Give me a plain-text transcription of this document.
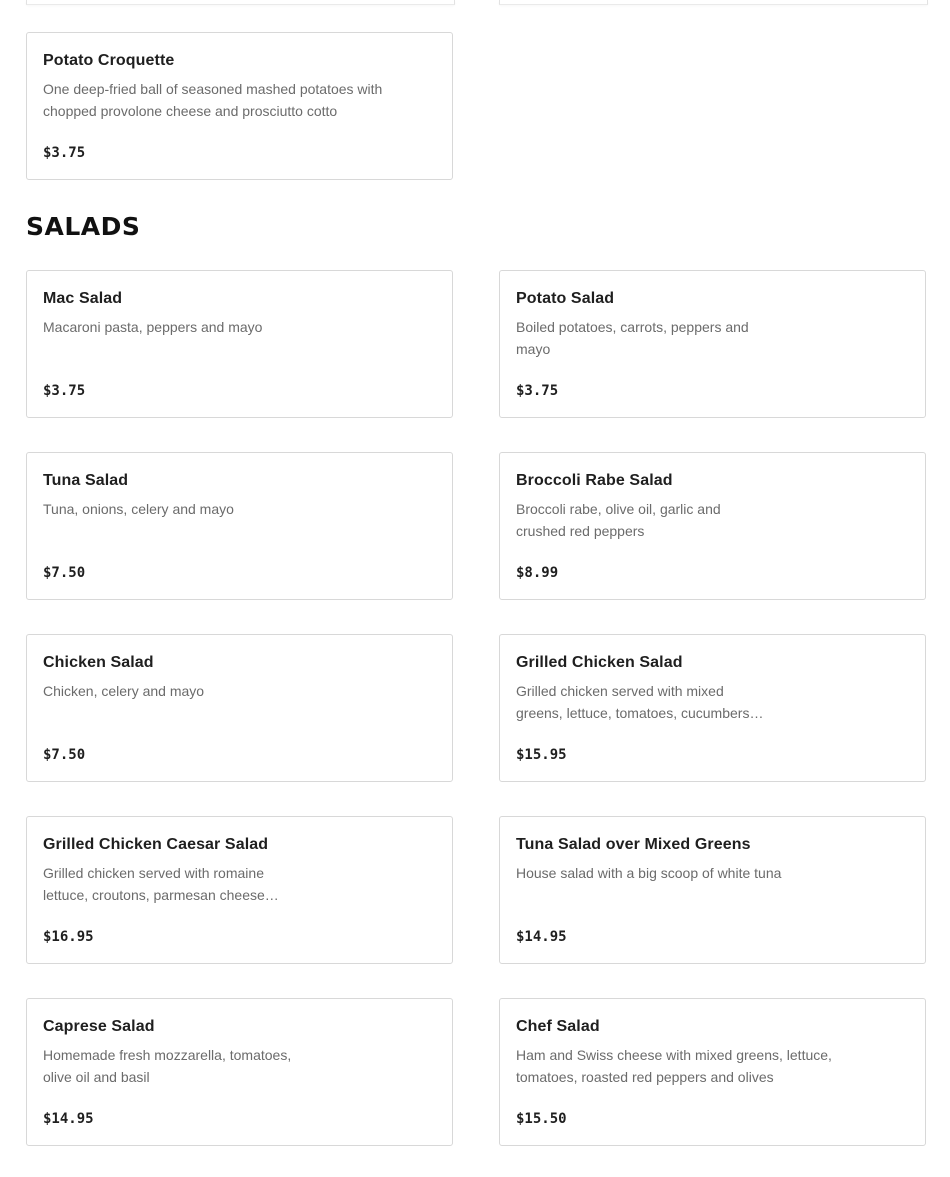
Potato Croquette
One deep-fried ball of seasoned mashed potatoes with chopped provolone cheese and prosciutto cotto
$3.75
SALADS
Mac Salad
Macaroni pasta, peppers and mayo
$3.75
Potato Salad
Boiled potatoes, carrots, peppers and mayo
$3.75
Tuna Salad
Tuna, onions, celery and mayo
$7.50
Broccoli Rabe Salad
Broccoli rabe, olive oil, garlic and crushed red peppers
$8.99
Chicken Salad
Chicken, celery and mayo
$7.50
Grilled Chicken Salad
Grilled chicken served with mixed greens, lettuce, tomatoes, cucumbers…
$15.95
Grilled Chicken Caesar Salad
Grilled chicken served with romaine lettuce, croutons, parmesan cheese…
$16.95
Tuna Salad over Mixed Greens
House salad with a big scoop of white tuna
$14.95
Caprese Salad
Homemade fresh mozzarella, tomatoes, olive oil and basil
$14.95
Chef Salad
Ham and Swiss cheese with mixed greens, lettuce, tomatoes, roasted red peppers and olives
$15.50
